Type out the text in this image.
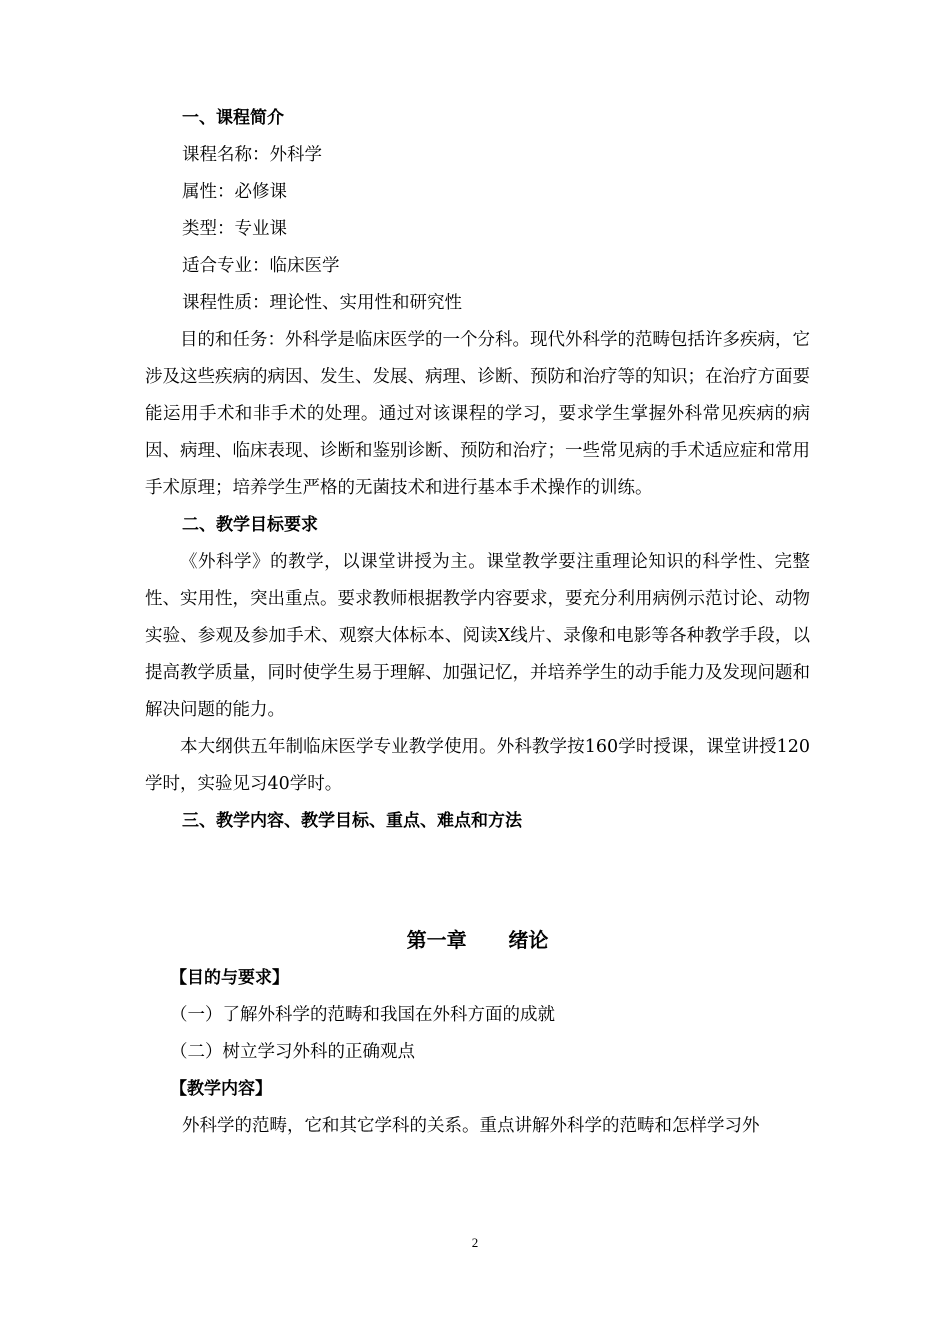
一、课程简介

课程名称：外科学

属性：必修课

类型：专业课

适合专业：临床医学

课程性质：理论性、实用性和研究性

目的和任务：外科学是临床医学的一个分科。现代外科学的范畴包括许多疾病，它涉及这些疾病的病因、发生、发展、病理、诊断、预防和治疗等的知识；在治疗方面要能运用手术和非手术的处理。通过对该课程的学习，要求学生掌握外科常见疾病的病因、病理、临床表现、诊断和鉴别诊断、预防和治疗；一些常见病的手术适应症和常用手术原理；培养学生严格的无菌技术和进行基本手术操作的训练。

二、教学目标要求

《外科学》的教学，以课堂讲授为主。课堂教学要注重理论知识的科学性、完整性、实用性，突出重点。要求教师根据教学内容要求，要充分利用病例示范讨论、动物实验、参观及参加手术、观察大体标本、阅读X线片、录像和电影等各种教学手段，以提高教学质量，同时使学生易于理解、加强记忆，并培养学生的动手能力及发现问题和解决问题的能力。

本大纲供五年制临床医学专业教学使用。外科教学按160学时授课，课堂讲授120学时，实验见习40学时。

三、教学内容、教学目标、重点、难点和方法

第一章      绪论

【目的与要求】

（一）了解外科学的范畴和我国在外科方面的成就

（二）树立学习外科的正确观点

【教学内容】

外科学的范畴，它和其它学科的关系。重点讲解外科学的范畴和怎样学习外

2
